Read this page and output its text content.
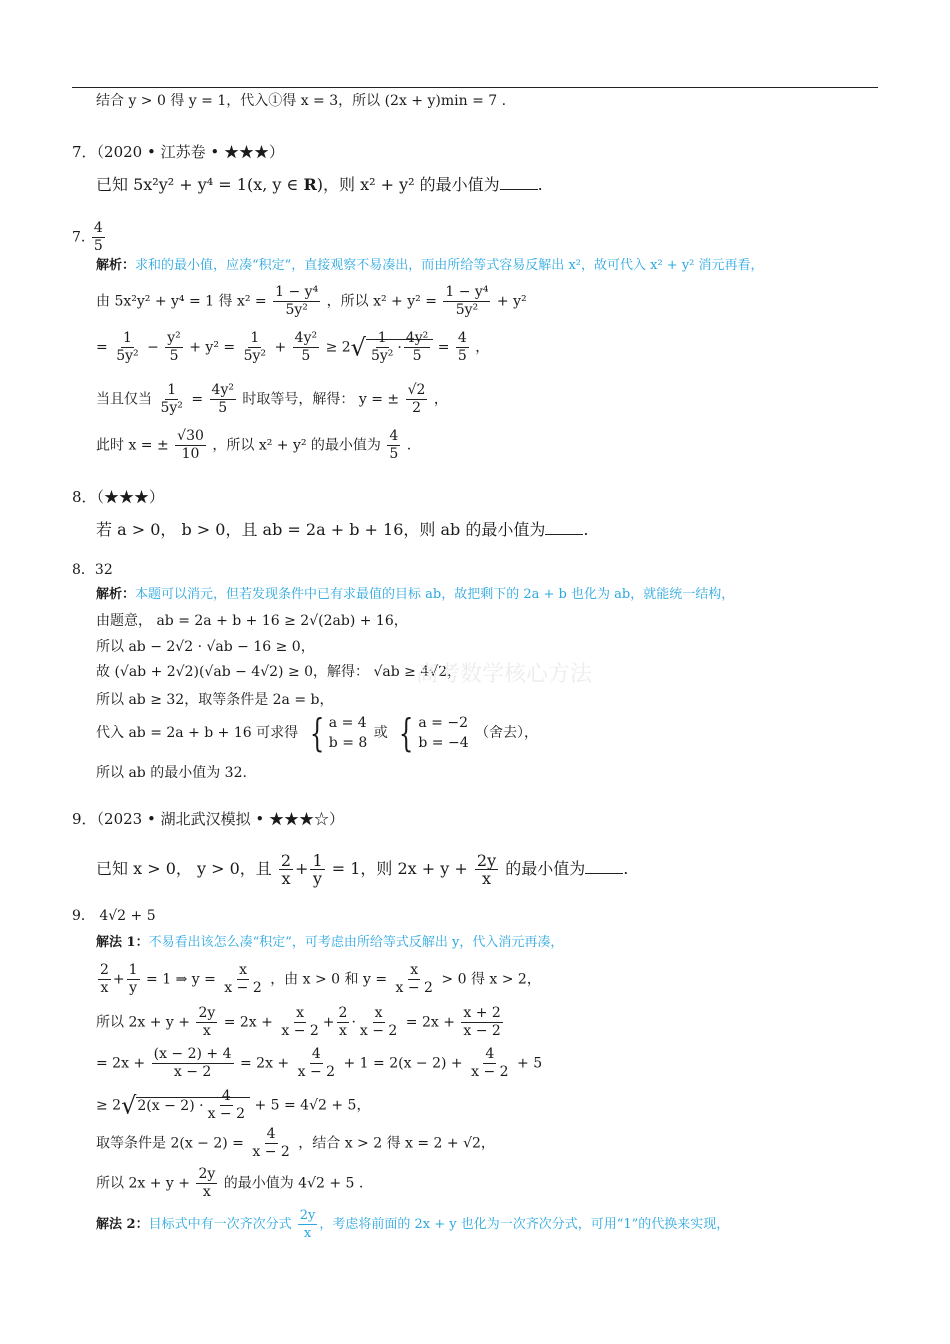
结合 y > 0 得 y = 1，代入①得 x = 3，所以 (2x + y)min = 7 .
7．（2020 • 江苏卷 • ★★★）
已知 5x²y² + y⁴ = 1(x, y ∈ R)，则 x² + y² 的最小值为 .
7. $\frac{4}{5}$
解析：求和的最小值，应凑“积定”，直接观察不易凑出，而由所给等式容易反解出 x²，故可代入 x² + y² 消元再看，
由 5x²y² + y⁴ = 1 得 $x^2 = \frac{\text{1 − y⁴}}{\text{5y²}}$ ，所以 $x^2 + y^2 = \frac{\text{1 − y⁴}}{\text{5y²}} + y^2$
= $\frac{1}{\text{5y²}} - \frac{\text{y²}}{5} + y^2 = \frac{1}{\text{5y²}} + \frac{\text{4y²}}{5} \ge 2√ \frac{1}{\text{5y²}} \cdot \frac{\text{4y²}}{5} = \frac{4}{5}$ ，
当且仅当 $\frac{1}{\text{5y²}} = \frac{\text{4y²}}{5}$ 时取等号，解得： y = ± $\frac{√2}{2}$ ，
此时 x = ± $\frac{√30}{10}$ ，所以 x² + y² 的最小值为 $\frac{4}{5}$ .
8．（★★★）
若 a > 0， b > 0，且 ab = 2a + b + 16，则 ab 的最小值为 .
8．32
解析：本题可以消元，但若发现条件中已有求最值的目标 ab，故把剩下的 2a + b 也化为 ab，就能统一结构，
由题意， ab = 2a + b + 16 ≥ 2√(2ab) + 16，
所以 ab − 2√2 · √ab − 16 ≥ 0，
故 (√ab + 2√2)(√ab − 4√2) ≥ 0，解得： √ab ≥ 4√2，
所以 ab ≥ 32，取等条件是 2a = b，
代入 ab = 2a + b + 16 可求得 { a = 4
b = 8
或 { a = −2
b = −4
（舍去），
所以 ab 的最小值为 32.
高考数学核心方法
9．（2023 • 湖北武汉模拟 • ★★★☆）
已知 x > 0， y > 0，且 $\frac{2}{x} + \frac{1}{y} = 1$，则 $2x + y + \frac{2y}{x}$ 的最小值为 .
9． 4√2 + 5
解法 1：不易看出该怎么凑“积定”，可考虑由所给等式反解出 y，代入消元再凑，
$\frac{2}{x} + \frac{1}{y} = 1$ ⇒ $y = \frac{x}{x - 2}$ ，由 x > 0 和 $y = \frac{x}{x - 2} > 0$ 得 x > 2，
所以 $2x + y + \frac{2y}{x} = 2x + \frac{x}{x - 2} + \frac{2}{x} \cdot \frac{x}{x - 2} = 2x + \frac{x + 2}{x - 2}$
= $2x + \frac{(x - 2) + 4}{x - 2} = 2x + \frac{4}{x - 2} + 1 = 2(x - 2) + \frac{4}{x - 2} + 5$
≥ $2√2(x - 2) \cdot \frac{4}{x - 2} + 5 = 4√2 + 5$，
取等条件是 $2(x - 2) = \frac{4}{x - 2}$ ，结合 x > 2 得 x = 2 + √2，
所以 $2x + y + \frac{2y}{x}$ 的最小值为 4√2 + 5 .
解法 2：目标式中有一次齐次分式 $\frac{2y}{x}$ ，考虑将前面的 2x + y 也化为一次齐次分式，可用“1”的代换来实现，
